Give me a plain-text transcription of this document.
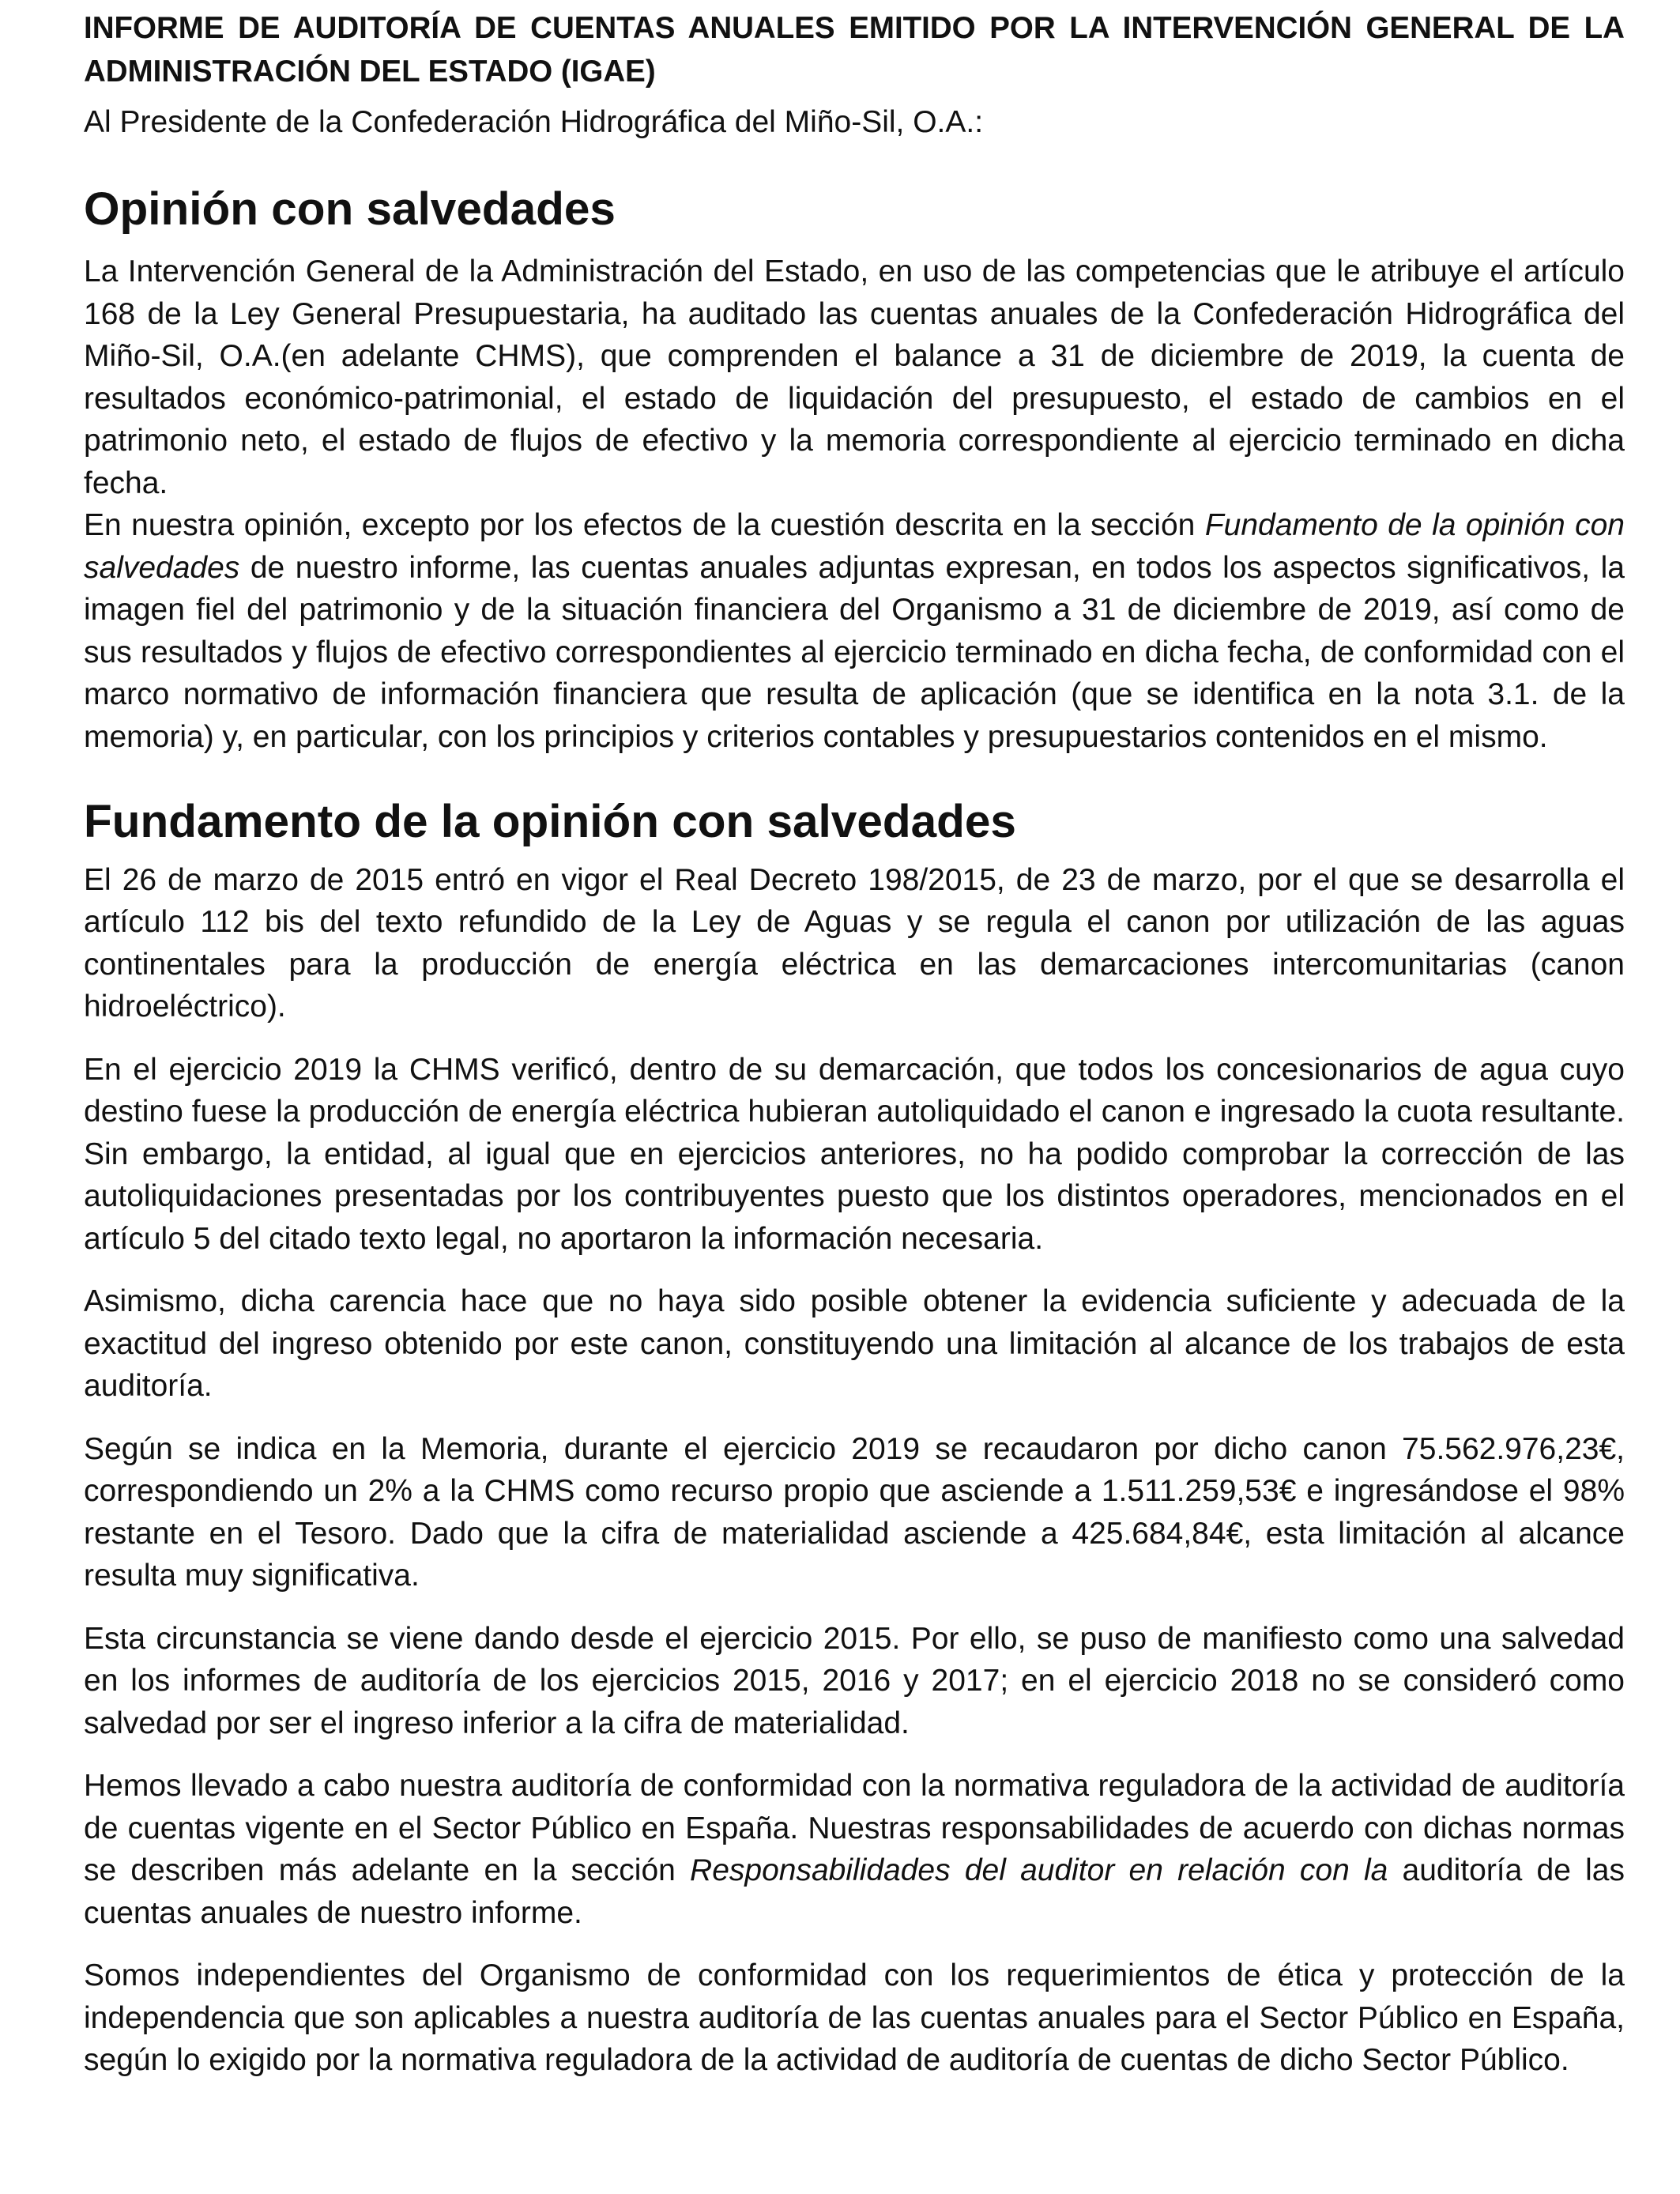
INFORME DE AUDITORÍA DE CUENTAS ANUALES EMITIDO POR LA INTERVENCIÓN GENERAL DE LA ADMINISTRACIÓN DEL ESTADO (IGAE)

Al Presidente de la Confederación Hidrográfica del Miño-Sil, O.A.:

Opinión con salvedades

La Intervención General de la Administración del Estado, en uso de las competencias que le atribuye el artículo 168 de la Ley General Presupuestaria, ha auditado las cuentas anuales de la Confederación Hidrográfica del Miño-Sil, O.A.(en adelante CHMS), que comprenden el balance a 31 de diciembre de 2019, la cuenta de resultados económico-patrimonial, el estado de liquidación del presupuesto, el estado de cambios en el patrimonio neto, el estado de flujos de efectivo y la memoria correspondiente al ejercicio terminado en dicha fecha.

En nuestra opinión, excepto por los efectos de la cuestión descrita en la sección Fundamento de la opinión con salvedades de nuestro informe, las cuentas anuales adjuntas expresan, en todos los aspectos significativos, la imagen fiel del patrimonio y de la situación financiera del Organismo a 31 de diciembre de 2019, así como de sus resultados y flujos de efectivo correspondientes al ejercicio terminado en dicha fecha, de conformidad con el marco normativo de información financiera que resulta de aplicación (que se identifica en la nota 3.1. de la memoria) y, en particular, con los principios y criterios contables y presupuestarios contenidos en el mismo.

Fundamento de la opinión con salvedades

El 26 de marzo de 2015 entró en vigor el Real Decreto 198/2015, de 23 de marzo, por el que se desarrolla el artículo 112 bis del texto refundido de la Ley de Aguas y se regula el canon por utilización de las aguas continentales para la producción de energía eléctrica en las demarcaciones intercomunitarias (canon hidroeléctrico).

En el ejercicio 2019 la CHMS verificó, dentro de su demarcación, que todos los concesionarios de agua cuyo destino fuese la producción de energía eléctrica hubieran autoliquidado el canon e ingresado la cuota resultante. Sin embargo, la entidad, al igual que en ejercicios anteriores, no ha podido comprobar la corrección de las autoliquidaciones presentadas por los contribuyentes puesto que los distintos operadores, mencionados en el artículo 5 del citado texto legal, no aportaron la información necesaria.

Asimismo, dicha carencia hace que no haya sido posible obtener la evidencia suficiente y adecuada de la exactitud del ingreso obtenido por este canon, constituyendo una limitación al alcance de los trabajos de esta auditoría.

Según se indica en la Memoria, durante el ejercicio 2019 se recaudaron por dicho canon 75.562.976,23€, correspondiendo un 2% a la CHMS como recurso propio que asciende a 1.511.259,53€ e ingresándose el 98% restante en el Tesoro. Dado que la cifra de materialidad asciende a 425.684,84€, esta limitación al alcance resulta muy significativa.

Esta circunstancia se viene dando desde el ejercicio 2015. Por ello, se puso de manifiesto como una salvedad en los informes de auditoría de los ejercicios 2015, 2016 y 2017; en el ejercicio 2018 no se consideró como salvedad por ser el ingreso inferior a la cifra de materialidad.

Hemos llevado a cabo nuestra auditoría de conformidad con la normativa reguladora de la actividad de auditoría de cuentas vigente en el Sector Público en España. Nuestras responsabilidades de acuerdo con dichas normas se describen más adelante en la sección Responsabilidades del auditor en relación con la auditoría de las cuentas anuales de nuestro informe.

Somos independientes del Organismo de conformidad con los requerimientos de ética y protección de la independencia que son aplicables a nuestra auditoría de las cuentas anuales para el Sector Público en España, según lo exigido por la normativa reguladora de la actividad de auditoría de cuentas de dicho Sector Público.
